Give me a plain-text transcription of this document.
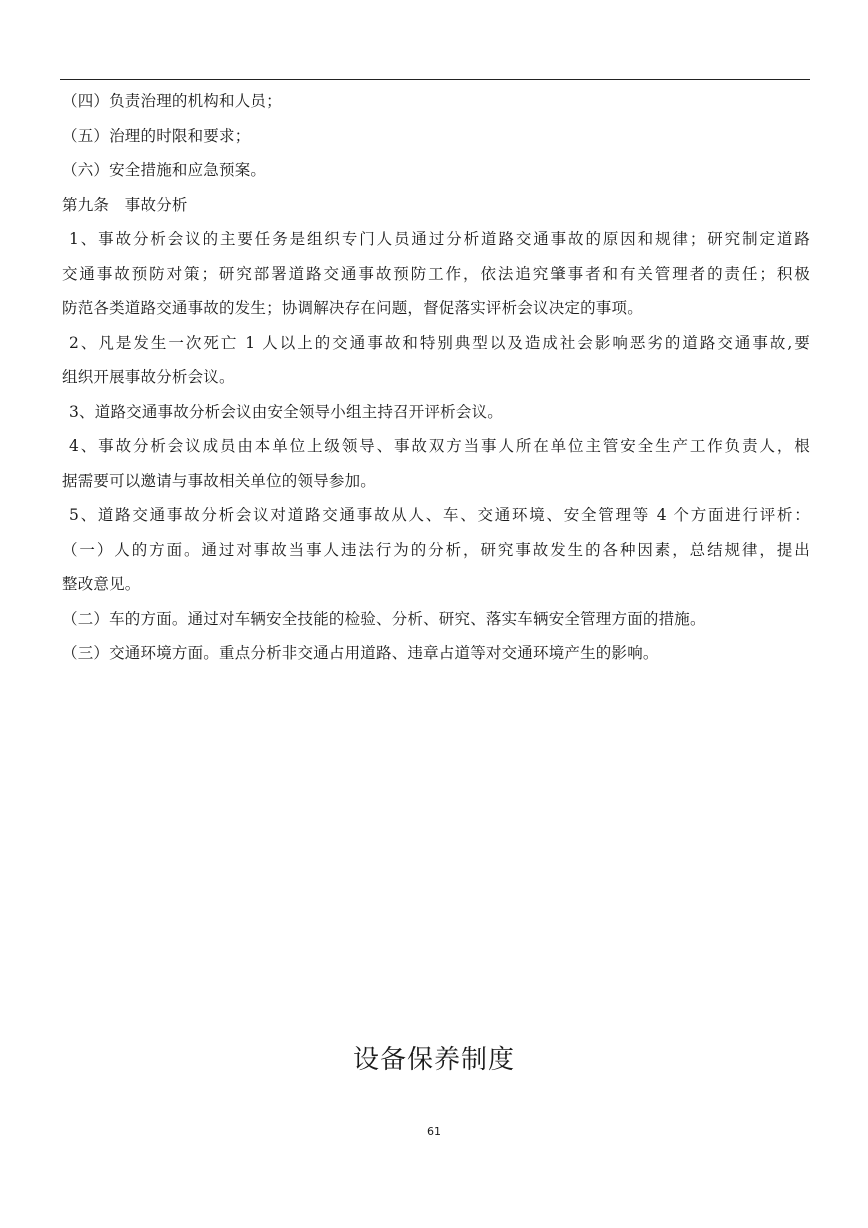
（四）负责治理的机构和人员；
（五）治理的时限和要求；
（六）安全措施和应急预案。
第九条　事故分析
1、事故分析会议的主要任务是组织专门人员通过分析道路交通事故的原因和规律；研究制定道路
交通事故预防对策；研究部署道路交通事故预防工作，依法追究肇事者和有关管理者的责任；积极
防范各类道路交通事故的发生；协调解决存在问题，督促落实评析会议决定的事项。
2、凡是发生一次死亡 1 人以上的交通事故和特别典型以及造成社会影响恶劣的道路交通事故,要
组织开展事故分析会议。
3、道路交通事故分析会议由安全领导小组主持召开评析会议。
4、事故分析会议成员由本单位上级领导、事故双方当事人所在单位主管安全生产工作负责人，根
据需要可以邀请与事故相关单位的领导参加。
5、道路交通事故分析会议对道路交通事故从人、车、交通环境、安全管理等 4 个方面进行评析：
（一）人的方面。通过对事故当事人违法行为的分析，研究事故发生的各种因素，总结规律，提出
整改意见。
（二）车的方面。通过对车辆安全技能的检验、分析、研究、落实车辆安全管理方面的措施。
（三）交通环境方面。重点分析非交通占用道路、违章占道等对交通环境产生的影响。
设备保养制度
61
